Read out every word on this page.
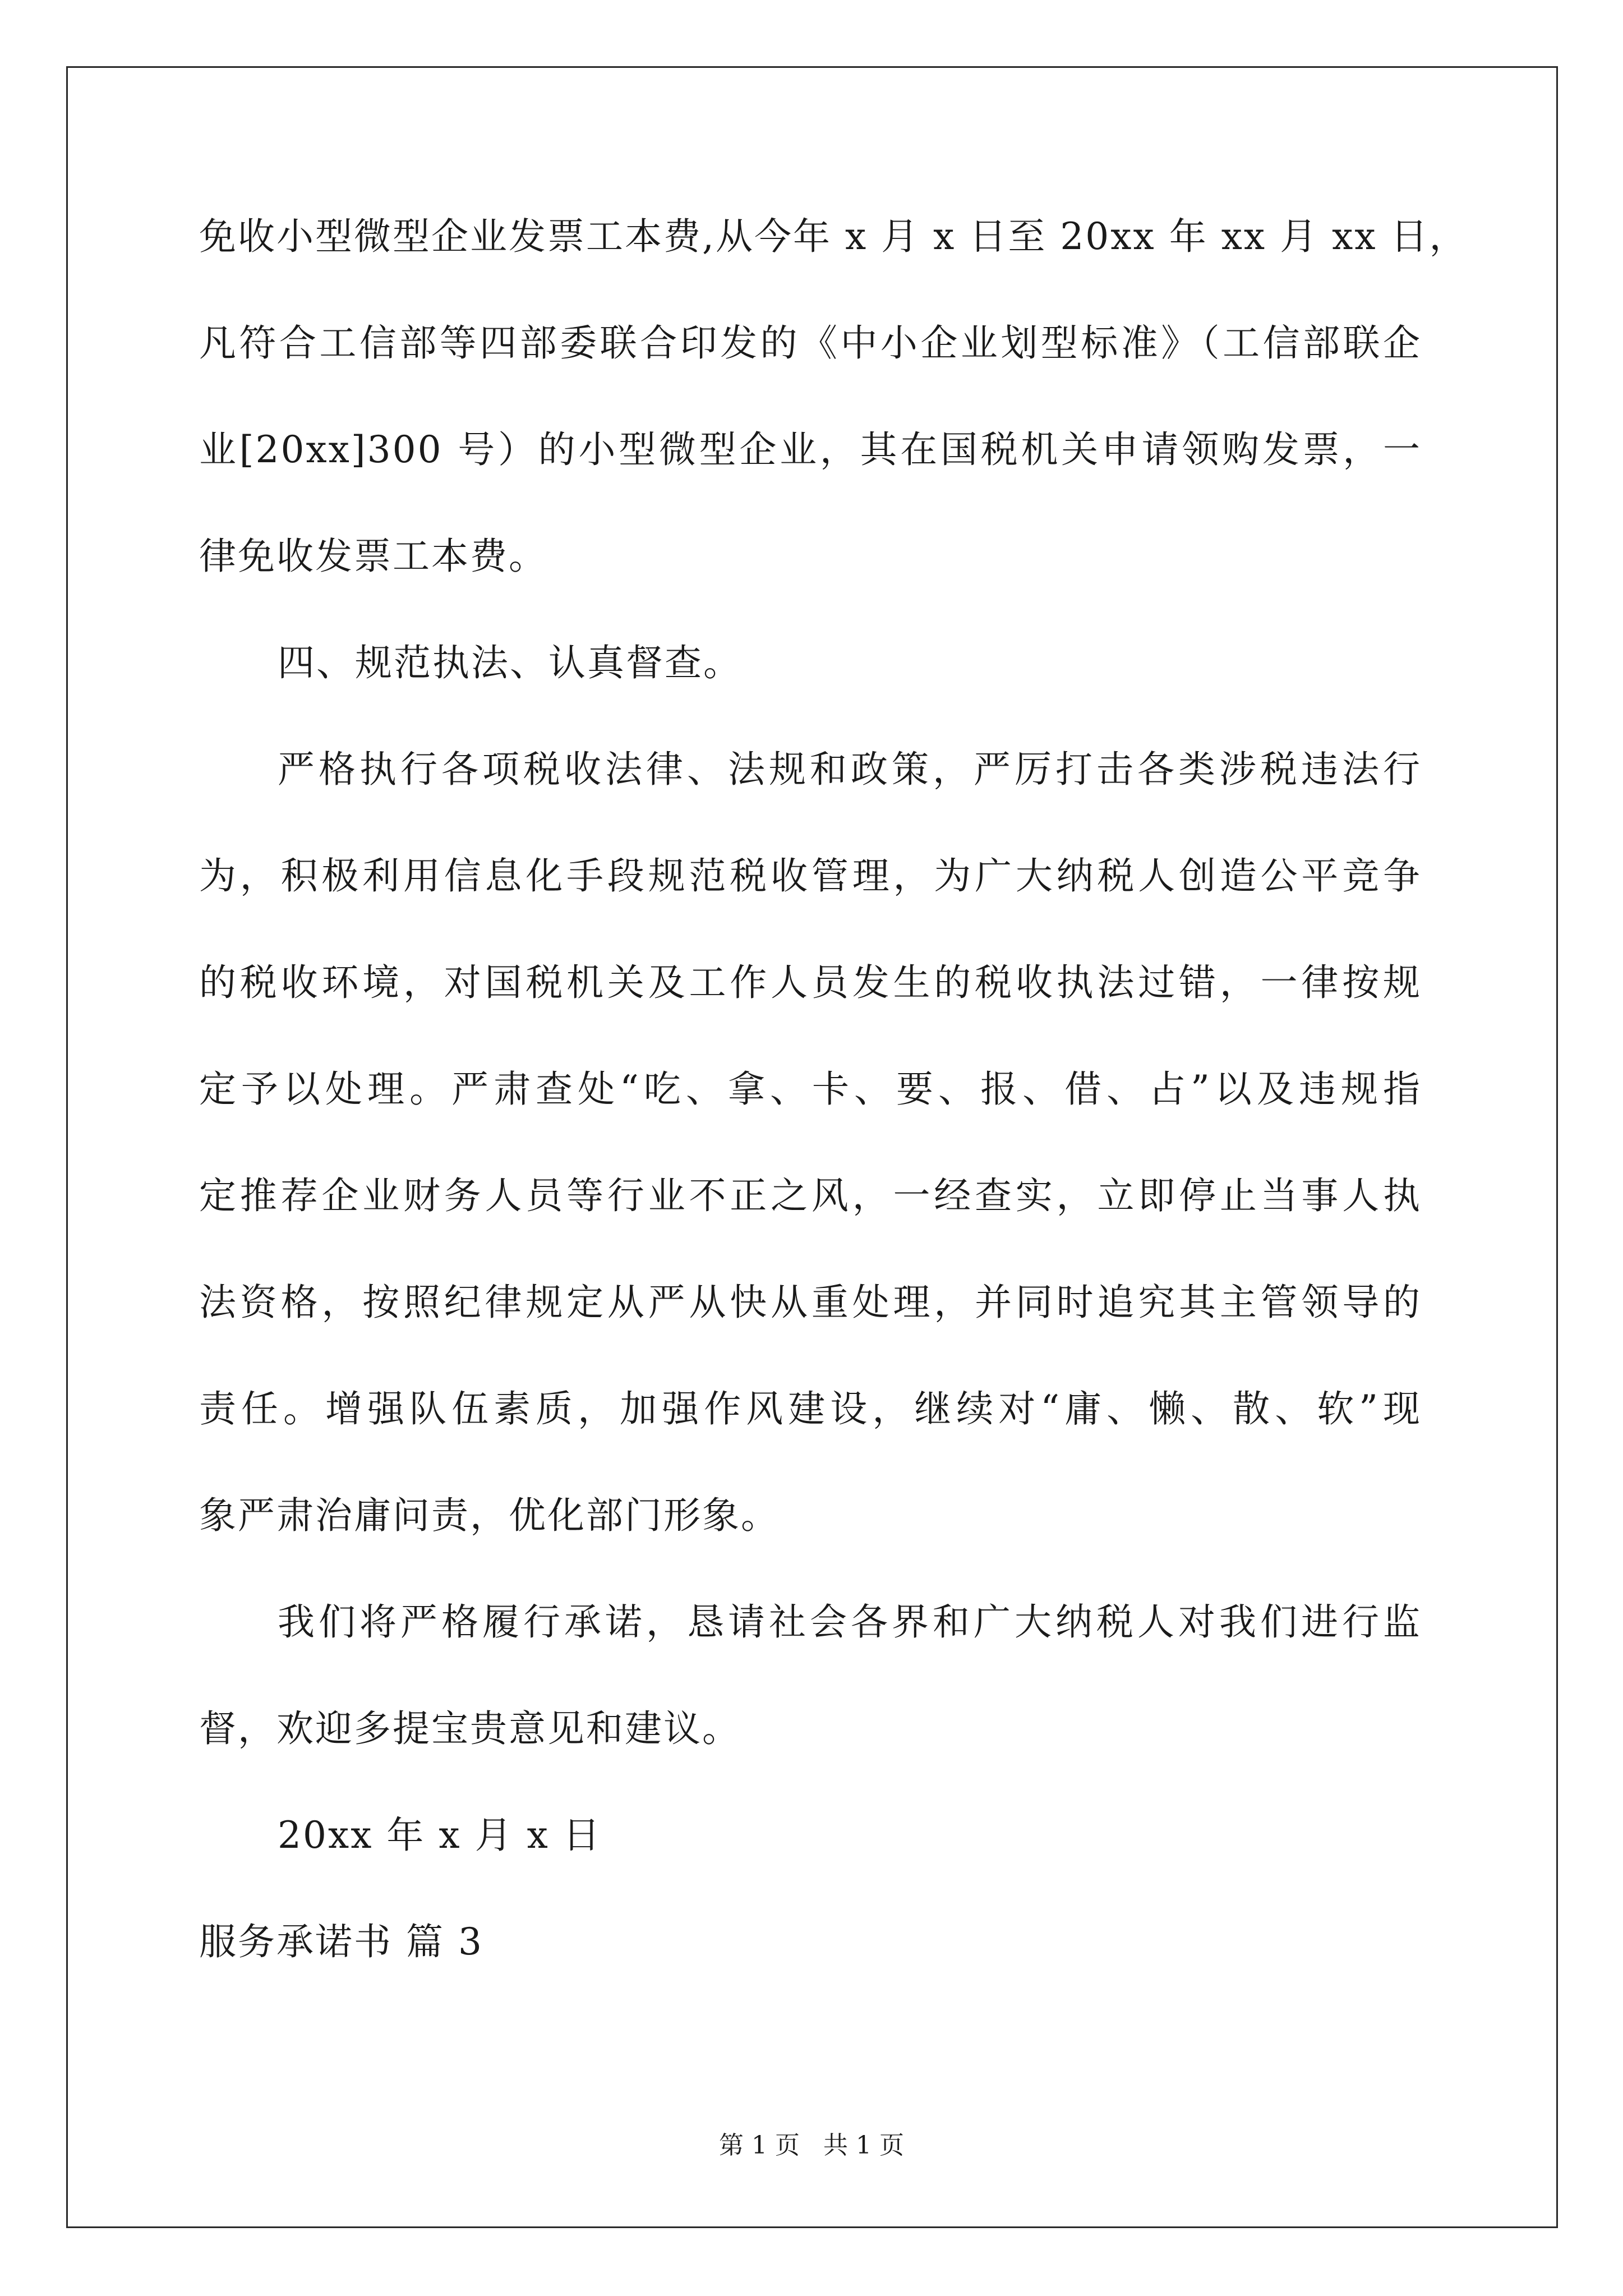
免收小型微型企业发票工本费,从今年 x 月 x 日至 20xx 年 xx 月 xx 日，
凡符合工信部等四部委联合印发的《中小企业划型标准》（工信部联企
业[20xx]300 号）的小型微型企业，其在国税机关申请领购发票，一
律免收发票工本费。
四、规范执法、认真督查。
严格执行各项税收法律、法规和政策，严厉打击各类涉税违法行
为，积极利用信息化手段规范税收管理，为广大纳税人创造公平竞争
的税收环境，对国税机关及工作人员发生的税收执法过错，一律按规
定予以处理。严肃查处“吃、拿、卡、要、报、借、占”以及违规指
定推荐企业财务人员等行业不正之风，一经查实，立即停止当事人执
法资格，按照纪律规定从严从快从重处理，并同时追究其主管领导的
责任。增强队伍素质，加强作风建设，继续对“庸、懒、散、软”现
象严肃治庸问责，优化部门形象。
我们将严格履行承诺，恳请社会各界和广大纳税人对我们进行监
督，欢迎多提宝贵意见和建议。
20xx 年 x 月 x 日
服务承诺书 篇 3
第 1 页 共 1 页
